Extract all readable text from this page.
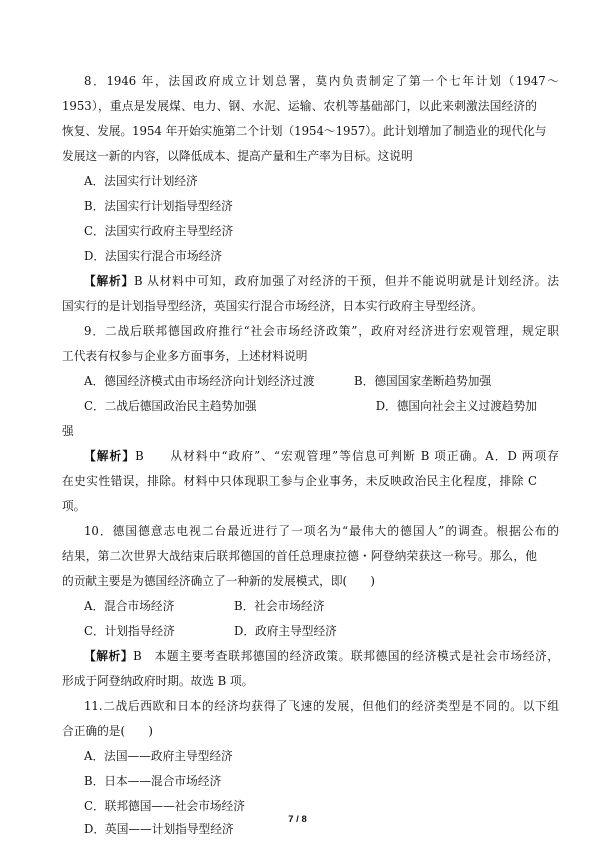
8．1946 年，法国政府成立计划总署，莫内负责制定了第一个七年计划（1947～
1953），重点是发展煤、电力、钢、水泥、运输、农机等基础部门，以此来刺激法国经济的
恢复、发展。1954 年开始实施第二个计划（1954～1957）。此计划增加了制造业的现代化与
发展这一新的内容，以降低成本、提高产量和生产率为目标。这说明
A．法国实行计划经济
B．法国实行计划指导型经济
C．法国实行政府主导型经济
D．法国实行混合市场经济
【解析】B 从材料中可知，政府加强了对经济的干预，但并不能说明就是计划经济。法
国实行的是计划指导型经济，英国实行混合市场经济，日本实行政府主导型经济。
9．二战后联邦德国政府推行“社会市场经济政策”，政府对经济进行宏观管理，规定职
工代表有权参与企业多方面事务，上述材料说明
A．德国经济模式由市场经济向计划经济过渡	B．德国国家垄断趋势加强
C．二战后德国政治民主趋势加强	D．德国向社会主义过渡趋势加
强
【解析】B　　从材料中“政府”、“宏观管理”等信息可判断 B 项正确。A．D 两项存
在史实性错误，排除。材料中只体现职工参与企业事务，未反映政治民主化程度，排除 C
项。
10．德国德意志电视二台最近进行了一项名为“最伟大的德国人”的调查。根据公布的
结果，第二次世界大战结束后联邦德国的首任总理康拉德・阿登纳荣获这一称号。那么，他
的贡献主要是为德国经济确立了一种新的发展模式，即(　　)
A．混合市场经济	B．社会市场经济
C．计划指导经济	D．政府主导型经济
【解析】B　本题主要考查联邦德国的经济政策。联邦德国的经济模式是社会市场经济，
形成于阿登纳政府时期。故选 B 项。
11.二战后西欧和日本的经济均获得了飞速的发展，但他们的经济类型是不同的。以下组
合正确的是(　　)
A．法国——政府主导型经济
B．日本——混合市场经济
C．联邦德国——社会市场经济
D．英国——计划指导型经济
7 / 8
